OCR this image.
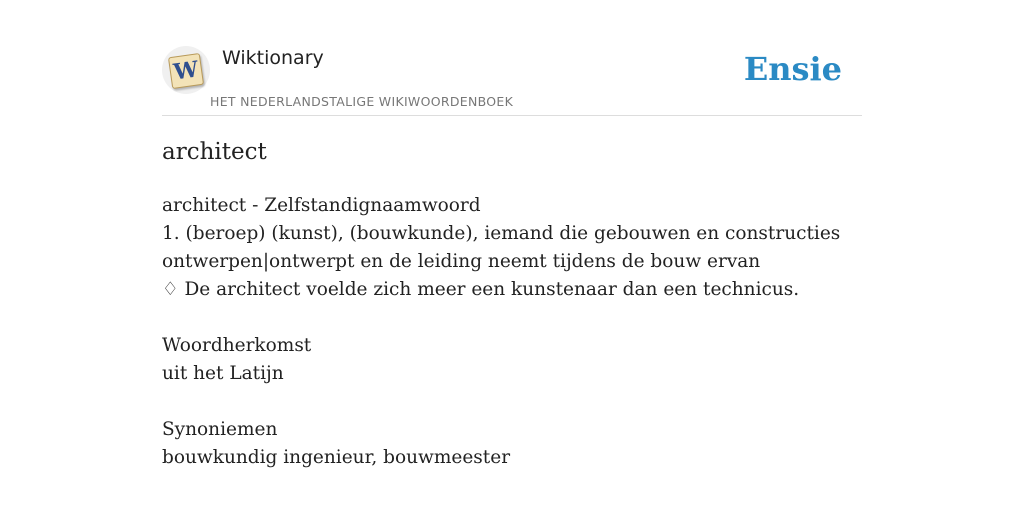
W Wiktionary
HET NEDERLANDSTALIGE WIKIWOORDENBOEK
Ensie
architect
architect - Zelfstandignaamwoord
1. (beroep) (kunst), (bouwkunde), iemand die gebouwen en constructies
ontwerpen|ontwerpt en de leiding neemt tijdens de bouw ervan
♢ De architect voelde zich meer een kunstenaar dan een technicus.
Woordherkomst
uit het Latijn
Synoniemen
bouwkundig ingenieur, bouwmeester
